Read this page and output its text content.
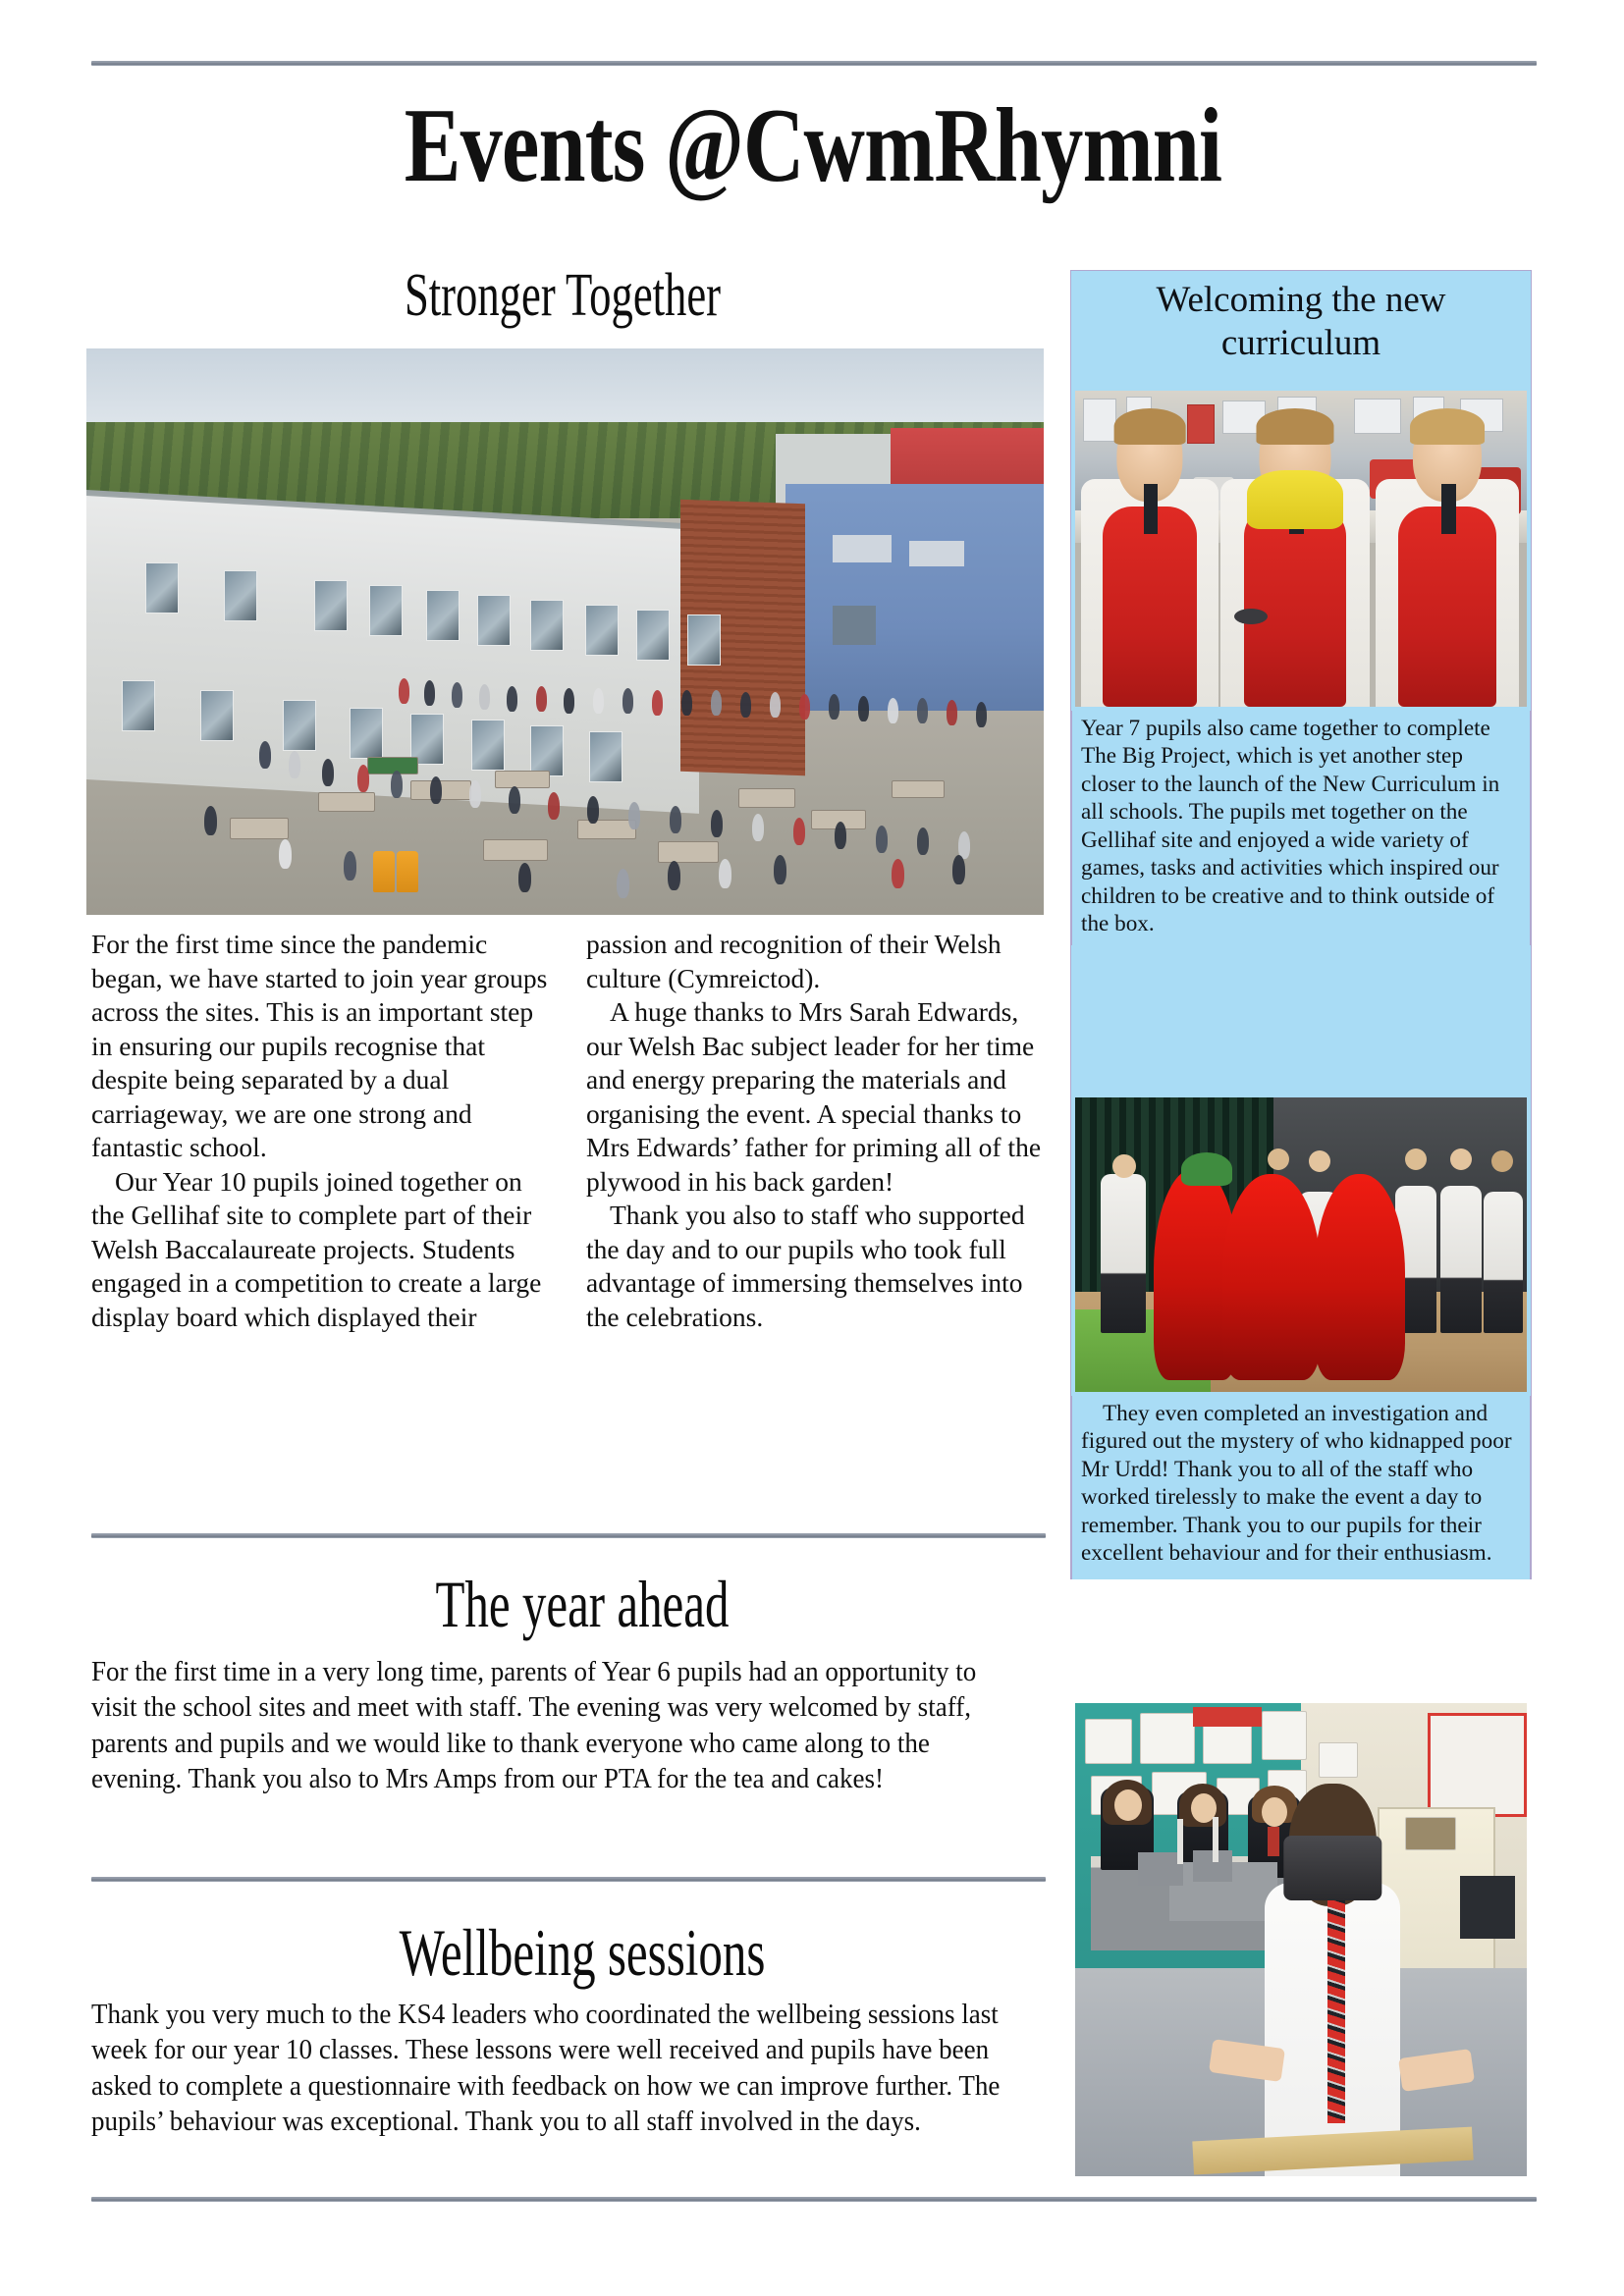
Events @CwmRhymni
Stronger Together	Welcoming the new curriculum
Year 7 pupils also came together to complete The Big Project, which is yet another step closer to the launch of the New Curriculum in all schools. The pupils met together on the Gellihaf site and enjoyed a wide variety of games, tasks and activities which inspired our children to be creative and to think outside of the box.
They even completed an investigation and figured out the mystery of who kidnapped poor Mr Urdd! Thank you to all of the staff who worked tirelessly to make the event a day to remember. Thank you to our pupils for their excellent behaviour and for their enthusiasm.

For the first time since the pandemic began, we have started to join year groups across the sites. This is an important step in ensuring our pupils recognise that despite being separated by a dual carriageway, we are one strong and fantastic school.

Our Year 10 pupils joined together on the Gellihaf site to complete part of their Welsh Baccalaureate projects. Students engaged in a competition to create a large display board which displayed their passion and recognition of their Welsh culture (Cymreictod).

A huge thanks to Mrs Sarah Edwards, our Welsh Bac subject leader for her time and energy preparing the materials and organising the event. A special thanks to Mrs Edwards’ father for priming all of the plywood in his back garden!

Thank you also to staff who supported the day and to our pupils who took full advantage of immersing themselves into the celebrations.

The year ahead
For the first time in a very long time, parents of Year 6 pupils had an opportunity to visit the school sites and meet with staff. The evening was very welcomed by staff, parents and pupils and we would like to thank everyone who came along to the evening. Thank you also to Mrs Amps from our PTA for the tea and cakes!
Wellbeing sessions
Thank you very much to the KS4 leaders who coordinated the wellbeing sessions last week for our year 10 classes. These lessons were well received and pupils have been asked to complete a questionnaire with feedback on how we can improve further. The pupils’ behaviour was exceptional. Thank you to all staff involved in the days.
